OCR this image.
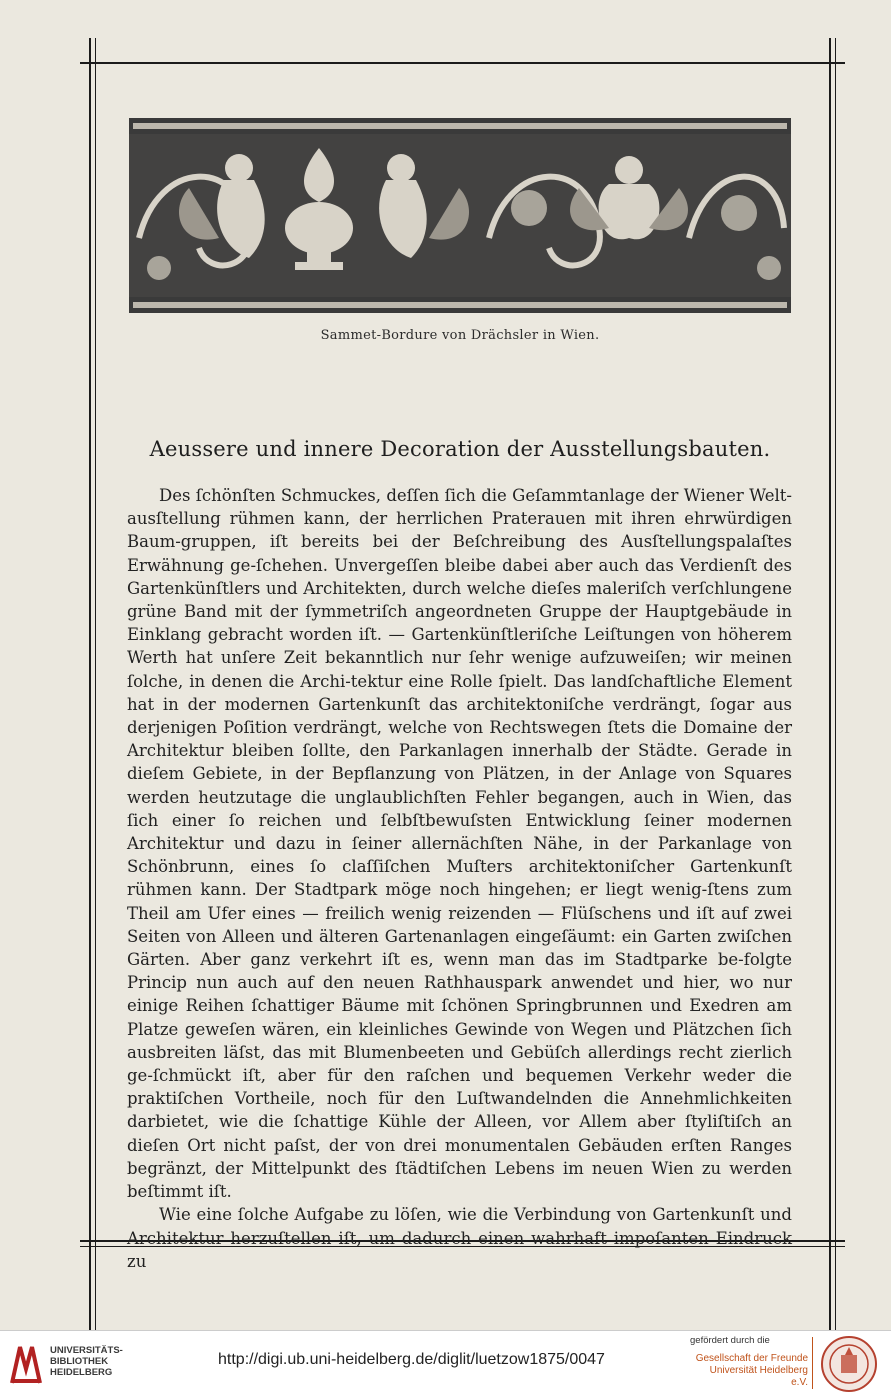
Sammet-Bordure von Drächsler in Wien.
Aeussere und innere Decoration der Ausstellungsbauten.

Des ſchönſten Schmuckes, deſſen ſich die Geſammtanlage der Wiener Welt-ausſtellung rühmen kann, der herrlichen Praterauen mit ihren ehrwürdigen Baum-gruppen, iſt bereits bei der Beſchreibung des Ausſtellungspalaſtes Erwähnung ge-ſchehen. Unvergeſſen bleibe dabei aber auch das Verdienſt des Gartenkünſtlers und Architekten, durch welche dieſes maleriſch verſchlungene grüne Band mit der ſymmetriſch angeordneten Gruppe der Hauptgebäude in Einklang gebracht worden iſt. — Gartenkünſtleriſche Leiſtungen von höherem Werth hat unſere Zeit bekanntlich nur ſehr wenige aufzuweiſen; wir meinen ſolche, in denen die Archi-tektur eine Rolle ſpielt. Das landſchaftliche Element hat in der modernen Gartenkunſt das architektoniſche verdrängt, ſogar aus derjenigen Poſition verdrängt, welche von Rechtswegen ſtets die Domaine der Architektur bleiben ſollte, den Parkanlagen innerhalb der Städte. Gerade in dieſem Gebiete, in der Bepflanzung von Plätzen, in der Anlage von Squares werden heutzutage die unglaublichſten Fehler begangen, auch in Wien, das ſich einer ſo reichen und ſelbſtbewuſsten Entwicklung ſeiner modernen Architektur und dazu in ſeiner allernächſten Nähe, in der Parkanlage von Schönbrunn, eines ſo claſſiſchen Muſters architektoniſcher Gartenkunſt rühmen kann. Der Stadtpark möge noch hingehen; er liegt wenig-ſtens zum Theil am Ufer eines — freilich wenig reizenden — Flüſschens und iſt auf zwei Seiten von Alleen und älteren Gartenanlagen eingeſäumt: ein Garten zwiſchen Gärten. Aber ganz verkehrt iſt es, wenn man das im Stadtparke be-folgte Princip nun auch auf den neuen Rathhauspark anwendet und hier, wo nur einige Reihen ſchattiger Bäume mit ſchönen Springbrunnen und Exedren am Platze geweſen wären, ein kleinliches Gewinde von Wegen und Plätzchen ſich ausbreiten läſst, das mit Blumenbeeten und Gebüſch allerdings recht zierlich ge-ſchmückt iſt, aber für den raſchen und bequemen Verkehr weder die praktiſchen Vortheile, noch für den Luſtwandelnden die Annehmlichkeiten darbietet, wie die ſchattige Kühle der Alleen, vor Allem aber ſtyliſtiſch an dieſen Ort nicht paſst, der von drei monumentalen Gebäuden erſten Ranges begränzt, der Mittelpunkt des ſtädtiſchen Lebens im neuen Wien zu werden beſtimmt iſt.

Wie eine ſolche Aufgabe zu löſen, wie die Verbindung von Gartenkunſt und Architektur herzuſtellen iſt, um dadurch einen wahrhaft impoſanten Eindruck zu

UNIVERSITÄTS-
BIBLIOTHEK
HEIDELBERG
http://digi.ub.uni-heidelberg.de/diglit/luetzow1875/0047
gefördert durch die
Gesellschaft der Freunde
Universität Heidelberg e.V.
